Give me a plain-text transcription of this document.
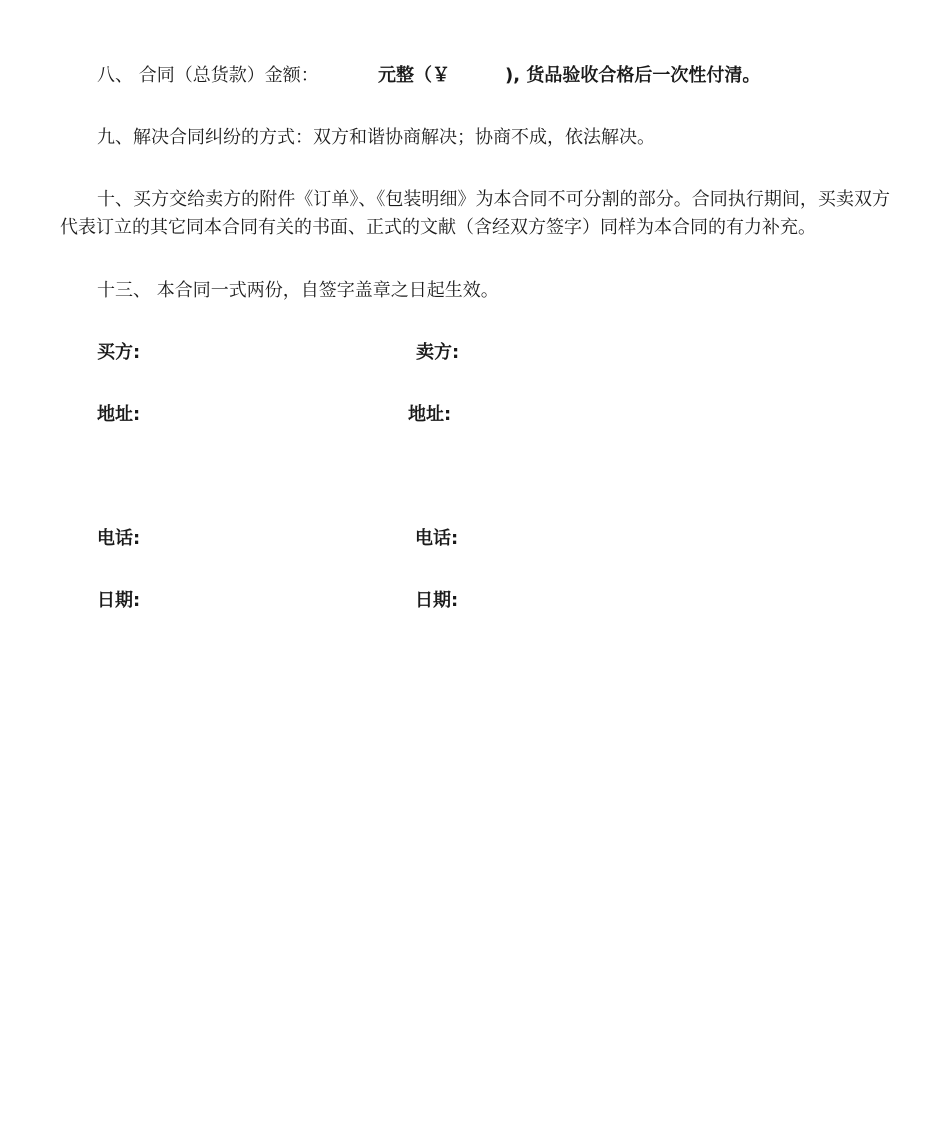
八、 合同（总货款）金额：	元整（￥	), 货品验收合格后一次性付清。
九、解决合同纠纷的方式：双方和谐协商解决；协商不成，依法解决。
十、买方交给卖方的附件《订单》、《包装明细》为本合同不可分割的部分。合同执行期间，买卖双方代表订立的其它同本合同有关的书面、正式的文献（含经双方签字）同样为本合同的有力补充。
十三、 本合同一式两份，自签字盖章之日起生效。
买方:
地址:
电话:
日期:
卖方:
地址:
电话:
日期:
